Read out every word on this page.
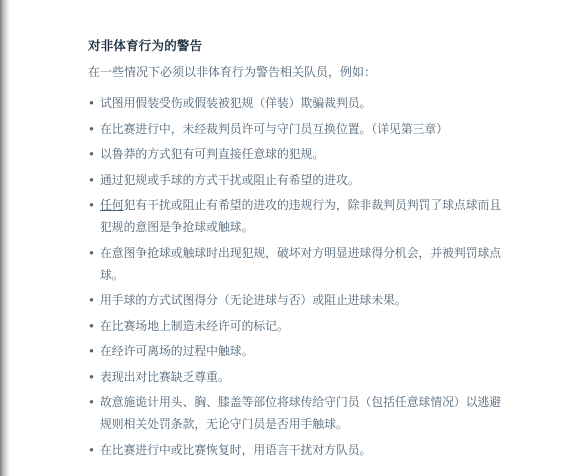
对非体育行为的警告

在一些情况下必须以非体育行为警告相关队员，例如：

• 试图用假装受伤或假装被犯规（佯装）欺骗裁判员。
• 在比赛进行中，未经裁判员许可与守门员互换位置。（详见第三章）
• 以鲁莽的方式犯有可判直接任意球的犯规。
• 通过犯规或手球的方式干扰或阻止有希望的进攻。
• 任何犯有干扰或阻止有希望的进攻的违规行为，除非裁判员判罚了球点球而且犯规的意图是争抢球或触球。
• 在意图争抢球或触球时出现犯规，破坏对方明显进球得分机会，并被判罚球点球。
• 用手球的方式试图得分（无论进球与否）或阻止进球未果。
• 在比赛场地上制造未经许可的标记。
• 在经许可离场的过程中触球。
• 表现出对比赛缺乏尊重。
• 故意施诡计用头、胸、膝盖等部位将球传给守门员（包括任意球情况）以逃避规则相关处罚条款，无论守门员是否用手触球。
• 在比赛进行中或比赛恢复时，用语言干扰对方队员。
